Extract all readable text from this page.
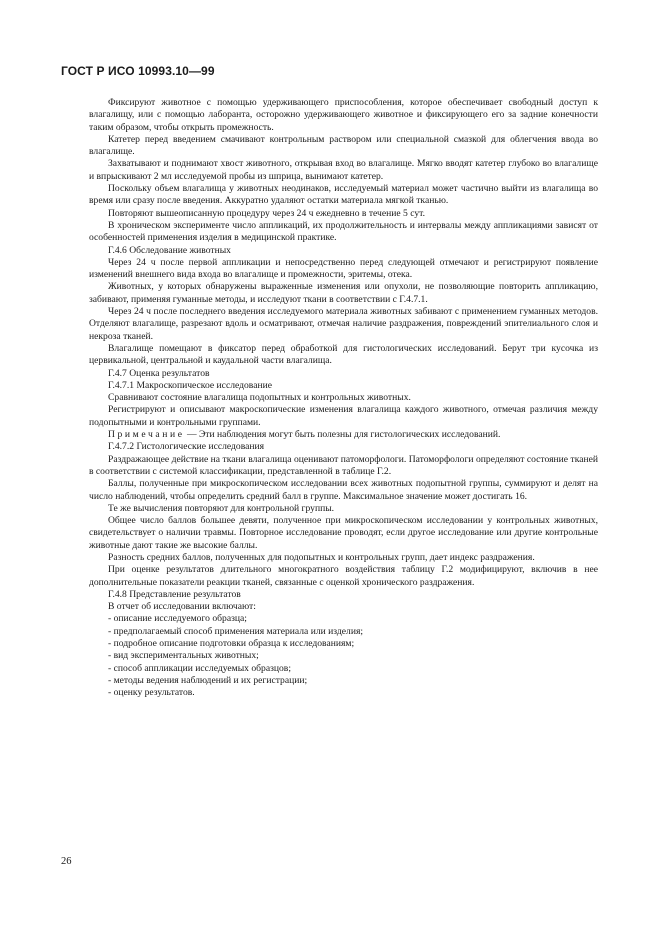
ГОСТ Р ИСО 10993.10—99

Фиксируют животное с помощью удерживающего приспособления, которое обеспечивает свободный доступ к влагалищу, или с помощью лаборанта, осторожно удерживающего животное и фиксирующего его за задние конечности таким образом, чтобы открыть промежность.

Катетер перед введением смачивают контрольным раствором или специальной смазкой для облегчения ввода во влагалище.

Захватывают и поднимают хвост животного, открывая вход во влагалище. Мягко вводят катетер глубоко во влагалище и впрыскивают 2 мл исследуемой пробы из шприца, вынимают катетер.

Поскольку объем влагалища у животных неодинаков, исследуемый материал может частично выйти из влагалища во время или сразу после введения. Аккуратно удаляют остатки материала мягкой тканью.

Повторяют вышеописанную процедуру через 24 ч ежедневно в течение 5 сут.

В хроническом эксперименте число аппликаций, их продолжительность и интервалы между аппликациями зависят от особенностей применения изделия в медицинской практике.

Г.4.6 Обследование животных

Через 24 ч после первой аппликации и непосредственно перед следующей отмечают и регистрируют появление изменений внешнего вида входа во влагалище и промежности, эритемы, отека.

Животных, у которых обнаружены выраженные изменения или опухоли, не позволяющие повторить аппликацию, забивают, применяя гуманные методы, и исследуют ткани в соответствии с Г.4.7.1.

Через 24 ч после последнего введения исследуемого материала животных забивают с применением гуманных методов. Отделяют влагалище, разрезают вдоль и осматривают, отмечая наличие раздражения, повреждений эпителиального слоя и некроза тканей.

Влагалище помещают в фиксатор перед обработкой для гистологических исследований. Берут три кусочка из цервикальной, центральной и каудальной части влагалища.

Г.4.7 Оценка результатов

Г.4.7.1 Макроскопическое исследование

Сравнивают состояние влагалища подопытных и контрольных животных.

Регистрируют и описывают макроскопические изменения влагалища каждого животного, отмечая различия между подопытными и контрольными группами.

Примечание — Эти наблюдения могут быть полезны для гистологических исследований.

Г.4.7.2 Гистологические исследования

Раздражающее действие на ткани влагалища оценивают патоморфологи. Патоморфологи определяют состояние тканей в соответствии с системой классификации, представленной в таблице Г.2.

Баллы, полученные при микроскопическом исследовании всех животных подопытной группы, суммируют и делят на число наблюдений, чтобы определить средний балл в группе. Максимальное значение может достигать 16.

Те же вычисления повторяют для контрольной группы.

Общее число баллов большее девяти, полученное при микроскопическом исследовании у контрольных животных, свидетельствует о наличии травмы. Повторное исследование проводят, если другое исследование или другие контрольные животные дают такие же высокие баллы.

Разность средних баллов, полученных для подопытных и контрольных групп, дает индекс раздражения.

При оценке результатов длительного многократного воздействия таблицу Г.2 модифицируют, включив в нее дополнительные показатели реакции тканей, связанные с оценкой хронического раздражения.

Г.4.8 Представление результатов

В отчет об исследовании включают:

- описание исследуемого образца;

- предполагаемый способ применения материала или изделия;

- подробное описание подготовки образца к исследованиям;

- вид экспериментальных животных;

- способ аппликации исследуемых образцов;

- методы ведения наблюдений и их регистрации;

- оценку результатов.

26
